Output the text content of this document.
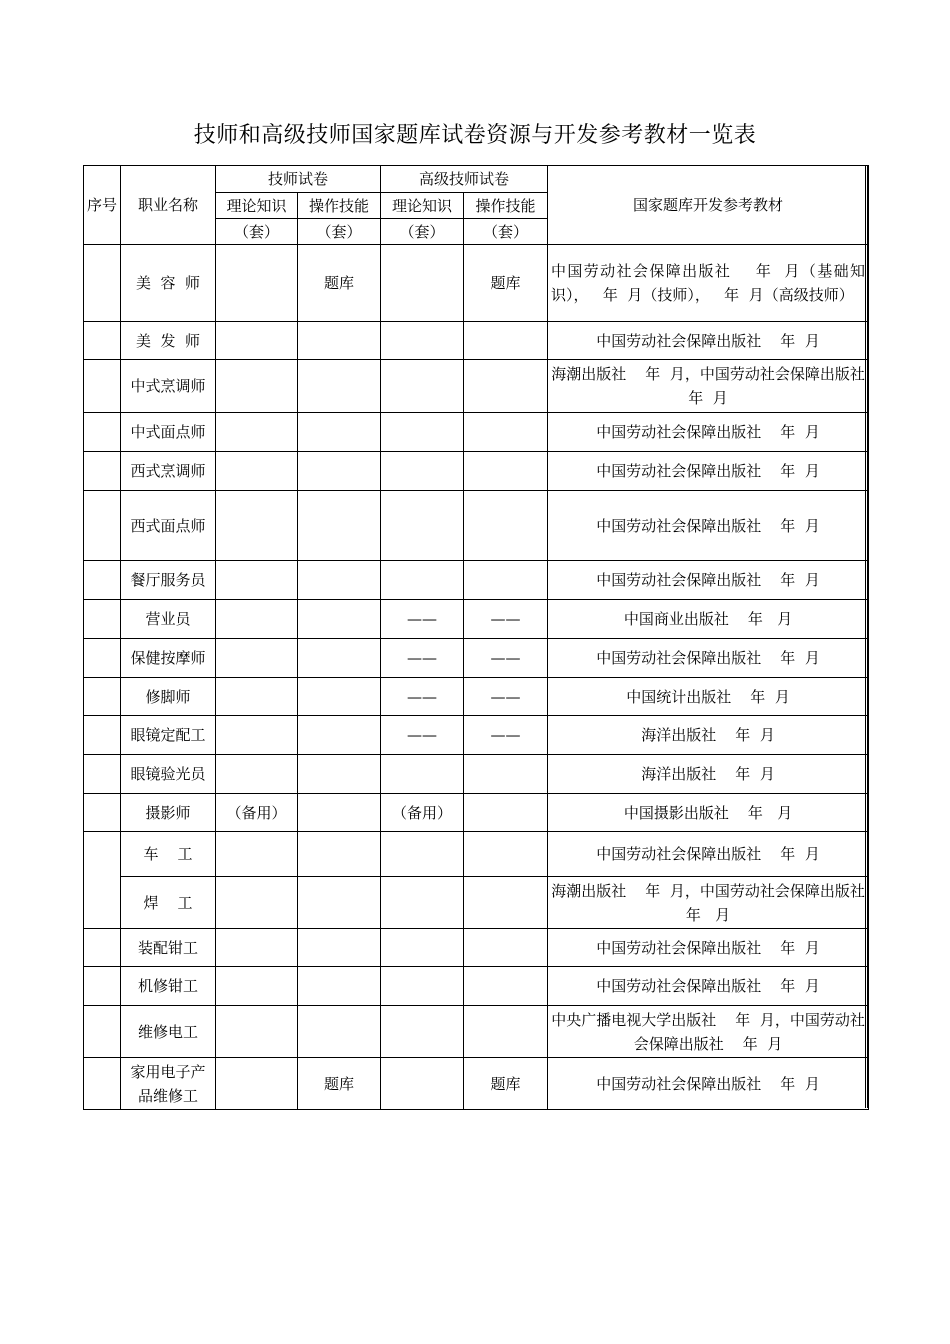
技师和高级技师国家题库试卷资源与开发参考教材一览表
序号	职业名称	技师试卷		高级技师试卷		国家题库开发参考教材
		理论知识	操作技能	理论知识	操作技能	
		（套）	（套）	（套）	（套）	
	美  容  师		题库		题库	中国劳动社会保障出版社    年  月（基础知识），   年  月（技师），   年  月（高级技师）
	美  发  师					中国劳动社会保障出版社    年  月
	中式烹调师					海潮出版社    年  月，中国劳动社会保障出版社    年  月
	中式面点师					中国劳动社会保障出版社    年  月
	西式烹调师					中国劳动社会保障出版社    年  月
	西式面点师					中国劳动社会保障出版社    年  月
	餐厅服务员					中国劳动社会保障出版社    年  月
	营业员			——	——	中国商业出版社    年   月
	保健按摩师			——	——	中国劳动社会保障出版社    年  月
	修脚师			——	——	中国统计出版社    年  月
	眼镜定配工			——	——	海洋出版社    年  月
	眼镜验光员					海洋出版社    年  月
	摄影师	（备用）		（备用）		中国摄影出版社    年   月
	车    工					中国劳动社会保障出版社    年  月
	焊    工					海潮出版社    年  月，中国劳动社会保障出版社    年   月
	装配钳工					中国劳动社会保障出版社    年  月
	机修钳工					中国劳动社会保障出版社    年  月
	维修电工					中央广播电视大学出版社    年  月，中国劳动社会保障出版社    年  月
	家用电子产品维修工		题库		题库	中国劳动社会保障出版社    年  月
